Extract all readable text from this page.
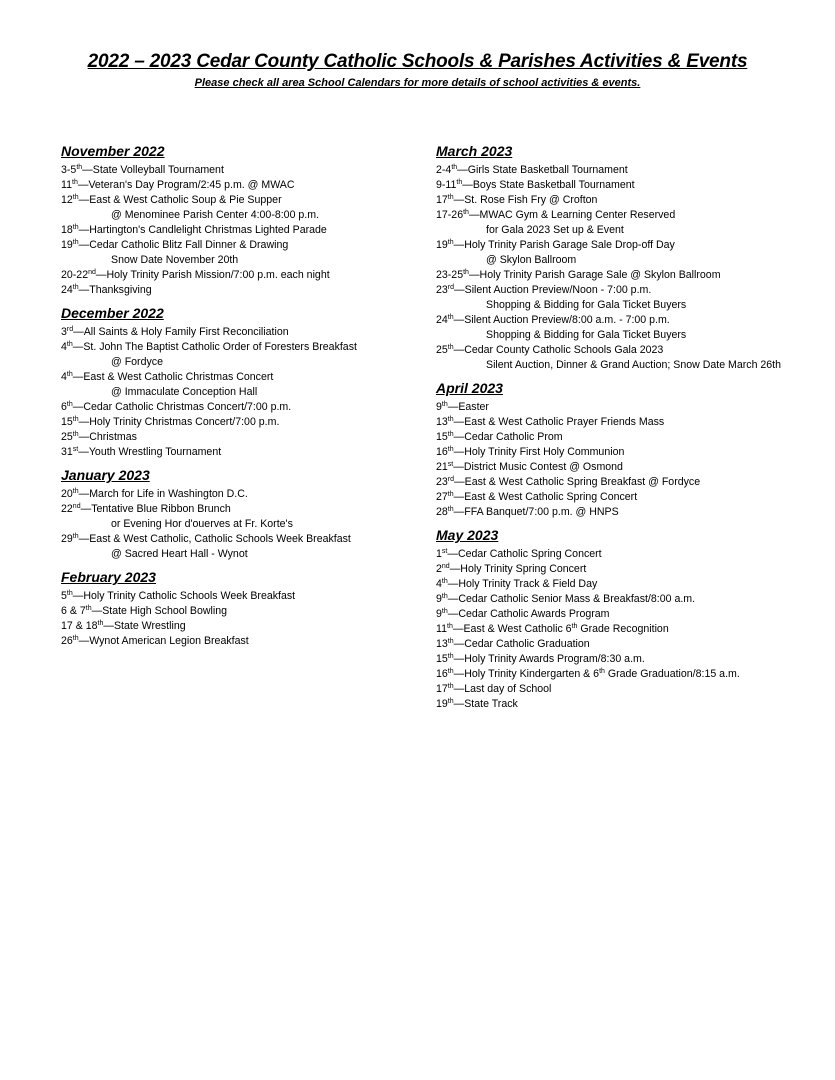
2022 – 2023 Cedar County Catholic Schools & Parishes Activities & Events
Please check all area School Calendars for more details of school activities & events.
November 2022
3-5th—State Volleyball Tournament
11th—Veteran's Day Program/2:45 p.m. @ MWAC
12th—East & West Catholic Soup & Pie Supper
@ Menominee Parish Center 4:00-8:00 p.m.
18th—Hartington's Candlelight Christmas Lighted Parade
19th—Cedar Catholic Blitz Fall Dinner & Drawing
Snow Date November 20th
20-22nd—Holy Trinity Parish Mission/7:00 p.m. each night
24th—Thanksgiving
December 2022
3rd—All Saints & Holy Family First Reconciliation
4th—St. John The Baptist Catholic Order of Foresters Breakfast
@ Fordyce
4th—East & West Catholic Christmas Concert
@ Immaculate Conception Hall
6th—Cedar Catholic Christmas Concert/7:00 p.m.
15th—Holy Trinity Christmas Concert/7:00 p.m.
25th—Christmas
31st—Youth Wrestling Tournament
January 2023
20th—March for Life in Washington D.C.
22nd—Tentative Blue Ribbon Brunch
or Evening Hor d'ouerves at Fr. Korte's
29th—East & West Catholic, Catholic Schools Week Breakfast
@ Sacred Heart Hall - Wynot
February 2023
5th—Holy Trinity Catholic Schools Week Breakfast
6 & 7th—State High School Bowling
17 & 18th—State Wrestling
26th—Wynot American Legion Breakfast
March 2023
2-4th—Girls State Basketball Tournament
9-11th—Boys State Basketball Tournament
17th—St. Rose Fish Fry @ Crofton
17-26th—MWAC Gym & Learning Center Reserved
for Gala 2023 Set up & Event
19th—Holy Trinity Parish Garage Sale Drop-off Day
@ Skylon Ballroom
23-25th—Holy Trinity Parish Garage Sale @ Skylon Ballroom
23rd—Silent Auction Preview/Noon - 7:00 p.m.
Shopping & Bidding for Gala Ticket Buyers
24th—Silent Auction Preview/8:00 a.m. - 7:00 p.m.
Shopping & Bidding for Gala Ticket Buyers
25th—Cedar County Catholic Schools Gala 2023
Silent Auction, Dinner & Grand Auction; Snow Date March 26th
April 2023
9th—Easter
13th—East & West Catholic Prayer Friends Mass
15th—Cedar Catholic Prom
16th—Holy Trinity First Holy Communion
21st—District Music Contest @ Osmond
23rd—East & West Catholic Spring Breakfast @ Fordyce
27th—East & West Catholic Spring Concert
28th—FFA Banquet/7:00 p.m. @ HNPS
May 2023
1st—Cedar Catholic Spring Concert
2nd—Holy Trinity Spring Concert
4th—Holy Trinity Track & Field Day
9th—Cedar Catholic Senior Mass & Breakfast/8:00 a.m.
9th—Cedar Catholic Awards Program
11th—East & West Catholic 6th Grade Recognition
13th—Cedar Catholic Graduation
15th—Holy Trinity Awards Program/8:30 a.m.
16th—Holy Trinity Kindergarten & 6th Grade Graduation/8:15 a.m.
17th—Last day of School
19th—State Track
